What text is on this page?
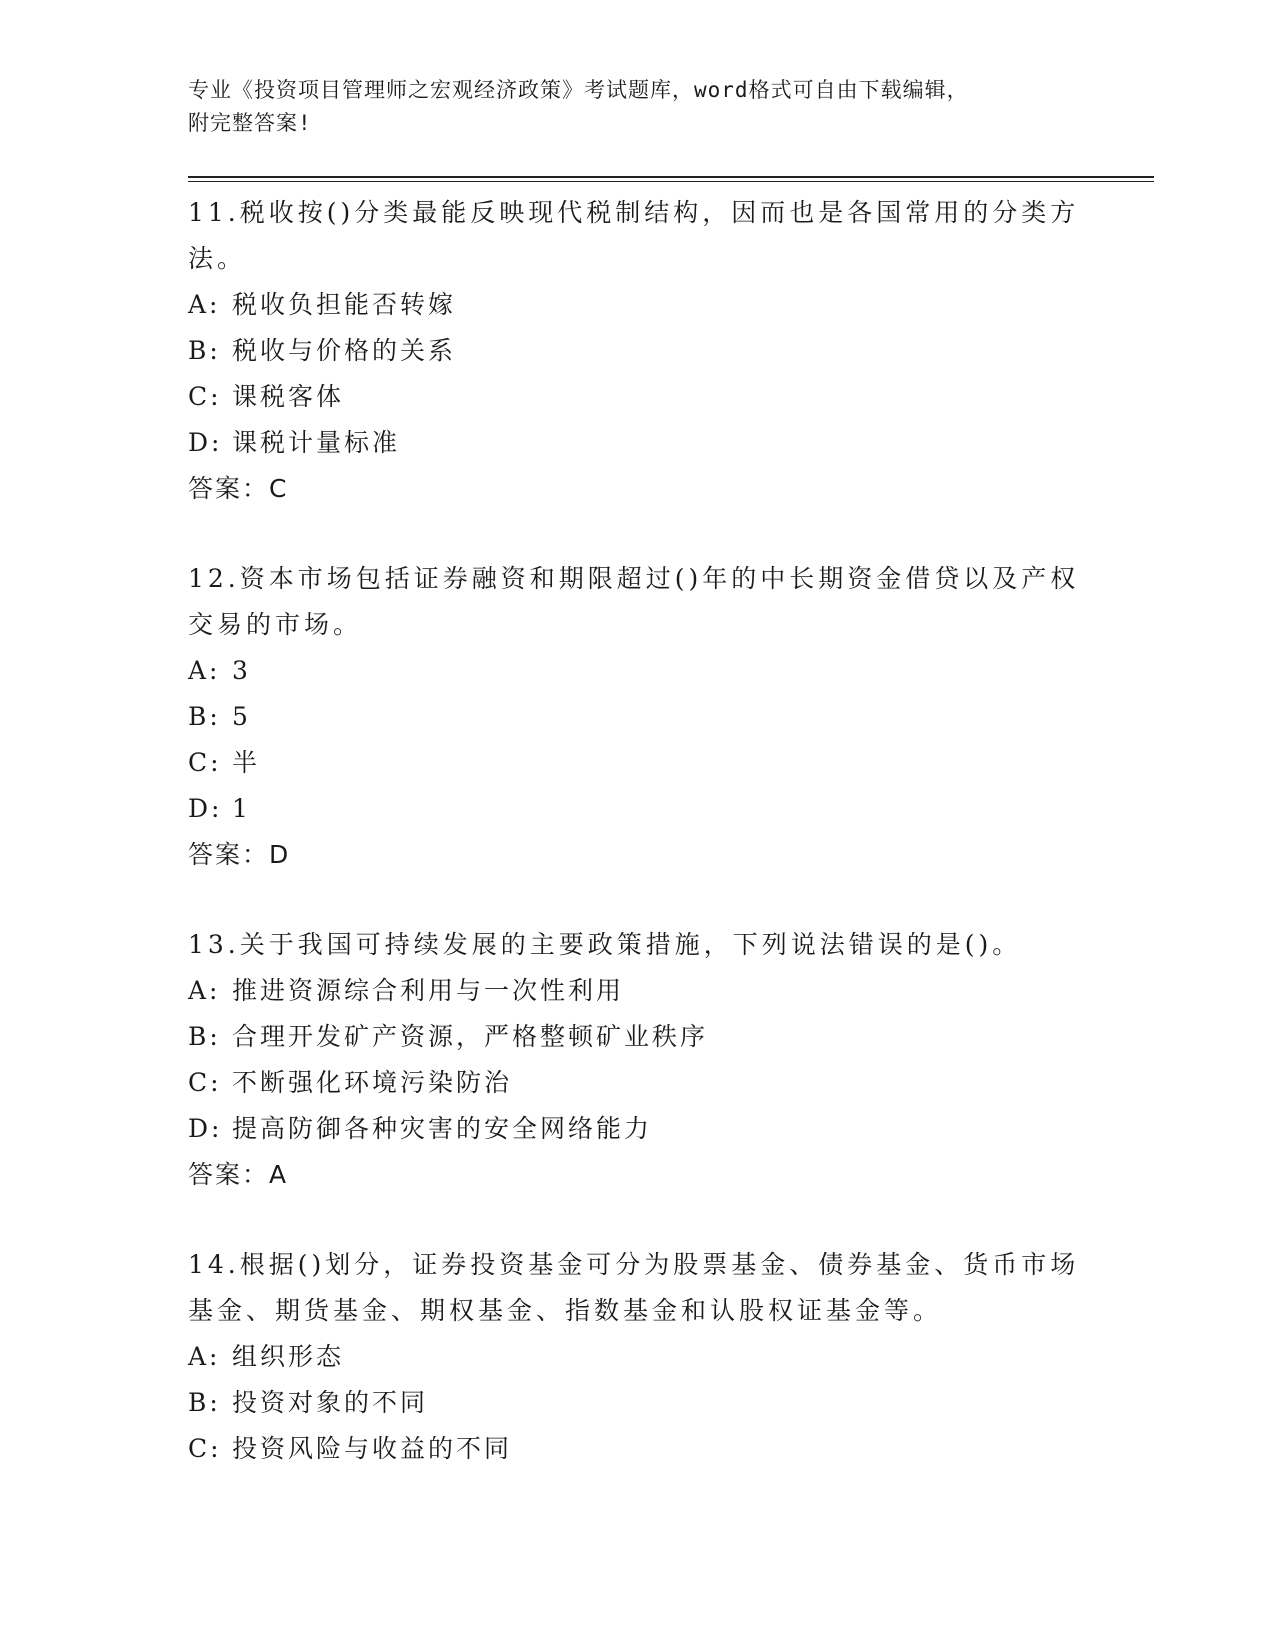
专业《投资项目管理师之宏观经济政策》考试题库，word格式可自由下载编辑，
附完整答案!
11.税收按()分类最能反映现代税制结构，因而也是各国常用的分类方法。
A: 税收负担能否转嫁
B: 税收与价格的关系
C: 课税客体
D: 课税计量标准
答案：C
12.资本市场包括证券融资和期限超过()年的中长期资金借贷以及产权交易的市场。
A: 3
B: 5
C: 半
D: 1
答案：D
13.关于我国可持续发展的主要政策措施，下列说法错误的是()。
A: 推进资源综合利用与一次性利用
B: 合理开发矿产资源，严格整顿矿业秩序
C: 不断强化环境污染防治
D: 提高防御各种灾害的安全网络能力
答案：A
14.根据()划分，证券投资基金可分为股票基金、债券基金、货币市场基金、期货基金、期权基金、指数基金和认股权证基金等。
A: 组织形态
B: 投资对象的不同
C: 投资风险与收益的不同
